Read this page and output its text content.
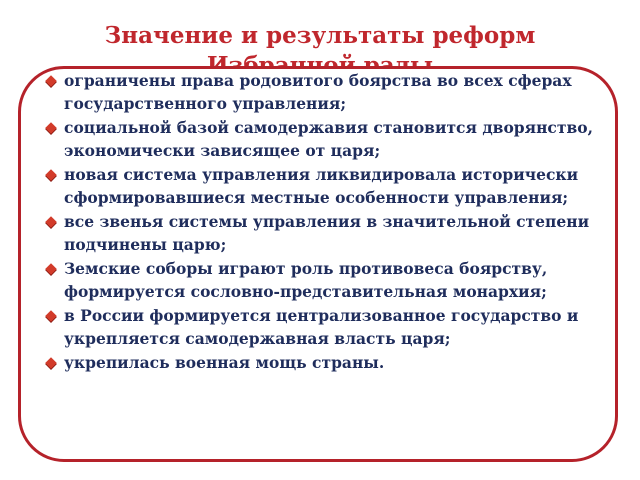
Значение и результаты реформ
ограничены права родовитого боярства во всех сферах государственного управления;
социальной базой самодержавия становится дворянство, экономически зависящее от царя;
новая система управления ликвидировала исторически сформировавшиеся местные особенности управления;
все звенья системы управления в значительной степени подчинены царю;
Земские соборы играют роль противовеса боярству, формируется сословно-представительная монархия;
в России формируется централизованное государство и укрепляется самодержавная власть царя;
укрепилась военная мощь страны.
